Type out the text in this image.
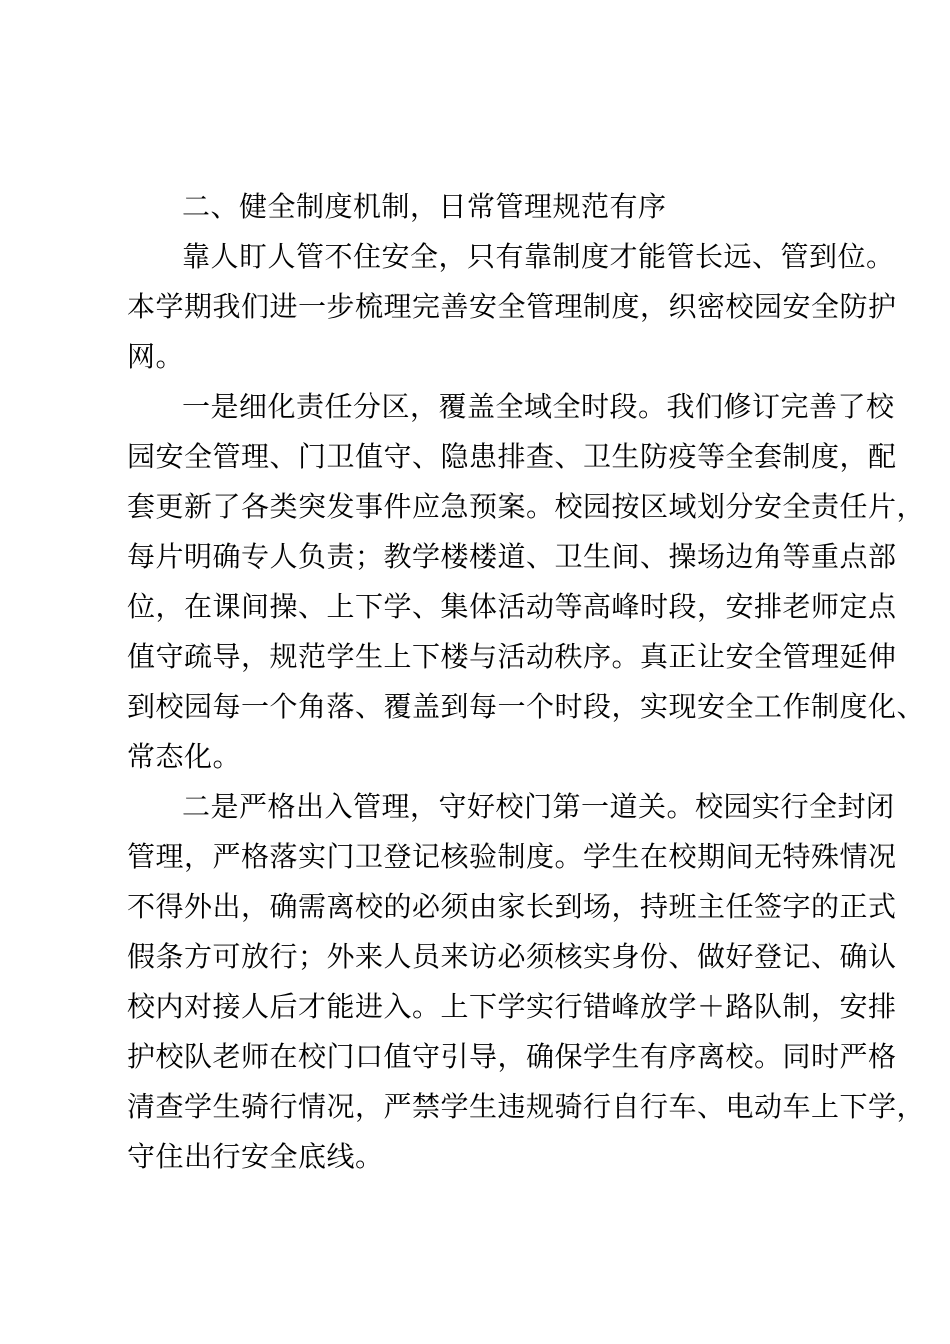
二、健全制度机制，日常管理规范有序

靠人盯人管不住安全，只有靠制度才能管长远、管到位。

本学期我们进一步梳理完善安全管理制度，织密校园安全防护

网。

一是细化责任分区，覆盖全域全时段。我们修订完善了校

园安全管理、门卫值守、隐患排查、卫生防疫等全套制度，配

套更新了各类突发事件应急预案。校园按区域划分安全责任片，

每片明确专人负责；教学楼楼道、卫生间、操场边角等重点部

位，在课间操、上下学、集体活动等高峰时段，安排老师定点

值守疏导，规范学生上下楼与活动秩序。真正让安全管理延伸

到校园每一个角落、覆盖到每一个时段，实现安全工作制度化、

常态化。

二是严格出入管理，守好校门第一道关。校园实行全封闭

管理，严格落实门卫登记核验制度。学生在校期间无特殊情况

不得外出，确需离校的必须由家长到场，持班主任签字的正式

假条方可放行；外来人员来访必须核实身份、做好登记、确认

校内对接人后才能进入。上下学实行错峰放学＋路队制，安排

护校队老师在校门口值守引导，确保学生有序离校。同时严格

清查学生骑行情况，严禁学生违规骑行自行车、电动车上下学，

守住出行安全底线。
